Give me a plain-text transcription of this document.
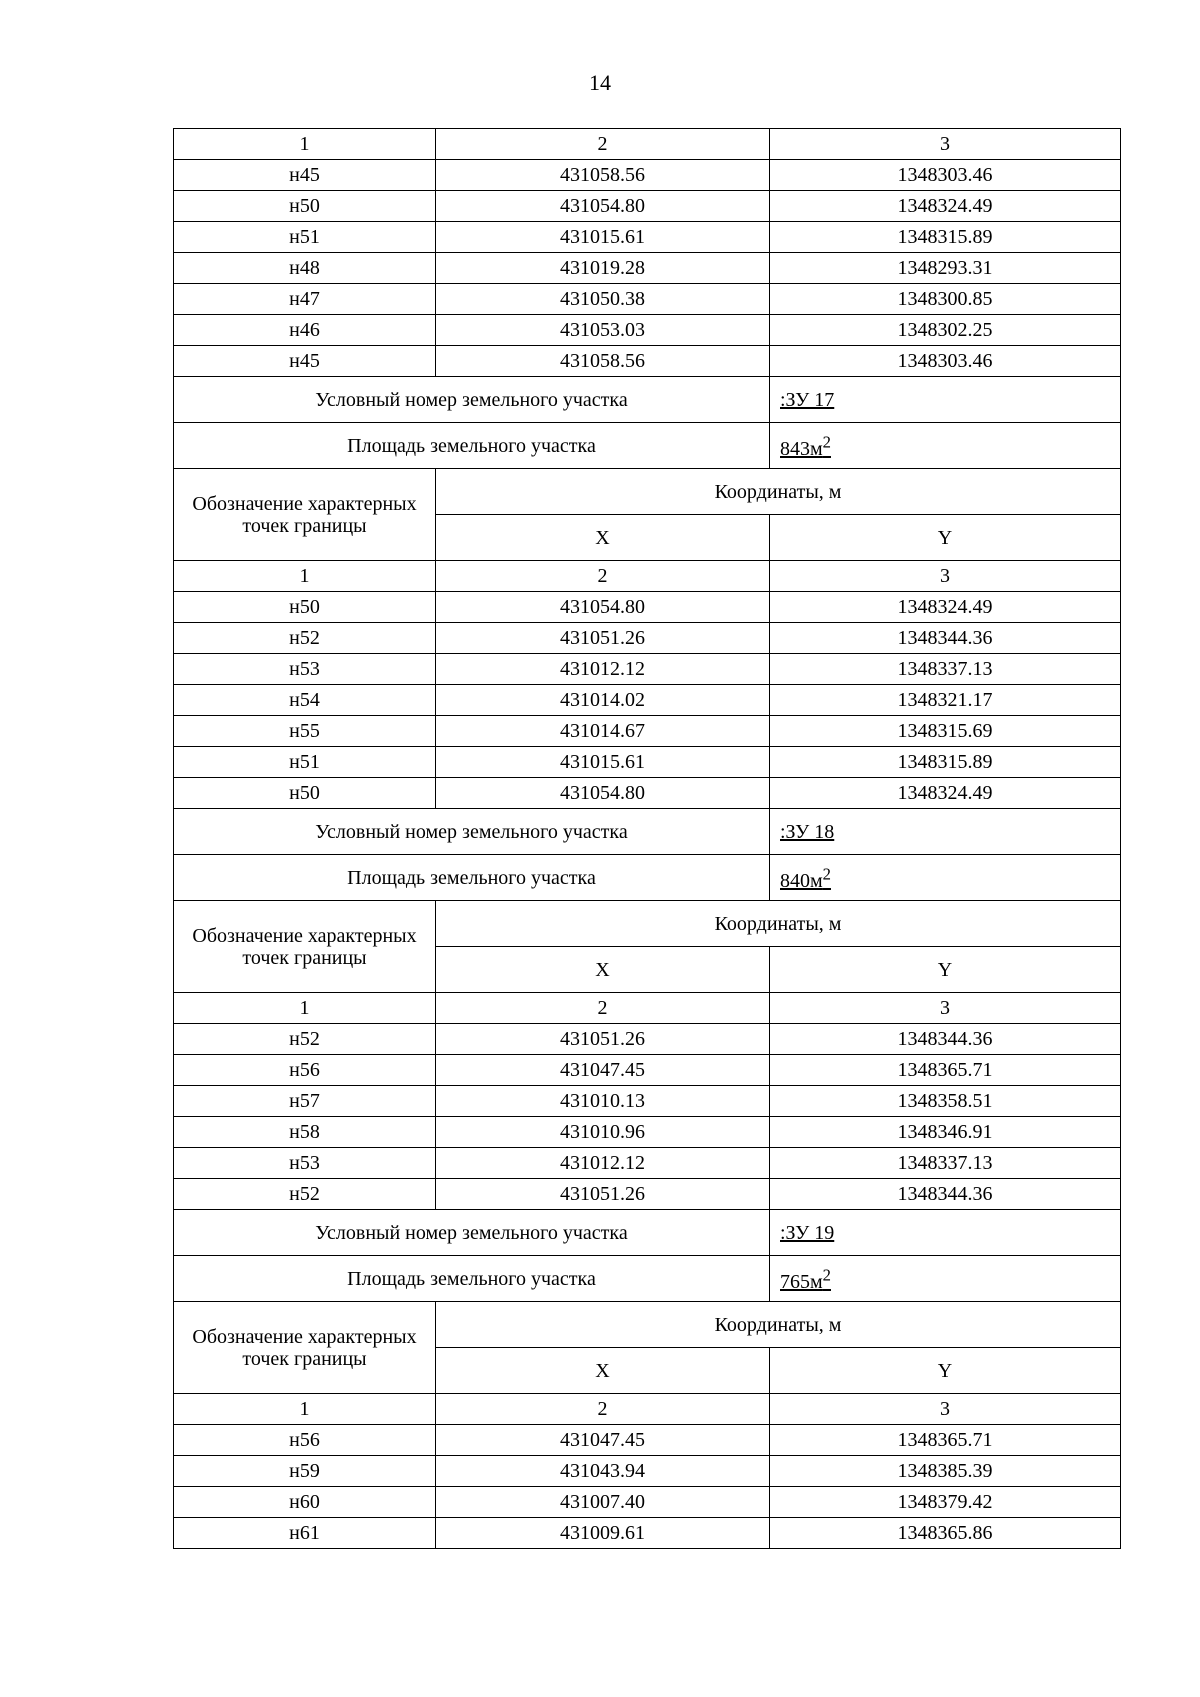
14
1	2	3
н45	431058.56	1348303.46
н50	431054.80	1348324.49
н51	431015.61	1348315.89
н48	431019.28	1348293.31
н47	431050.38	1348300.85
н46	431053.03	1348302.25
н45	431058.56	1348303.46
Условный номер земельного участка		:ЗУ 17
Площадь земельного участка		$843м^2$
Обозначение характерных точек границы	Координаты, м	
	X	Y
1	2	3
н50	431054.80	1348324.49
н52	431051.26	1348344.36
н53	431012.12	1348337.13
н54	431014.02	1348321.17
н55	431014.67	1348315.69
н51	431015.61	1348315.89
н50	431054.80	1348324.49
Условный номер земельного участка		:ЗУ 18
Площадь земельного участка		$840м^2$
Обозначение характерных точек границы	Координаты, м	
	X	Y
1	2	3
н52	431051.26	1348344.36
н56	431047.45	1348365.71
н57	431010.13	1348358.51
н58	431010.96	1348346.91
н53	431012.12	1348337.13
н52	431051.26	1348344.36
Условный номер земельного участка		:ЗУ 19
Площадь земельного участка		$765м^2$
Обозначение характерных точек границы	Координаты, м	
	X	Y
1	2	3
н56	431047.45	1348365.71
н59	431043.94	1348385.39
н60	431007.40	1348379.42
н61	431009.61	1348365.86
